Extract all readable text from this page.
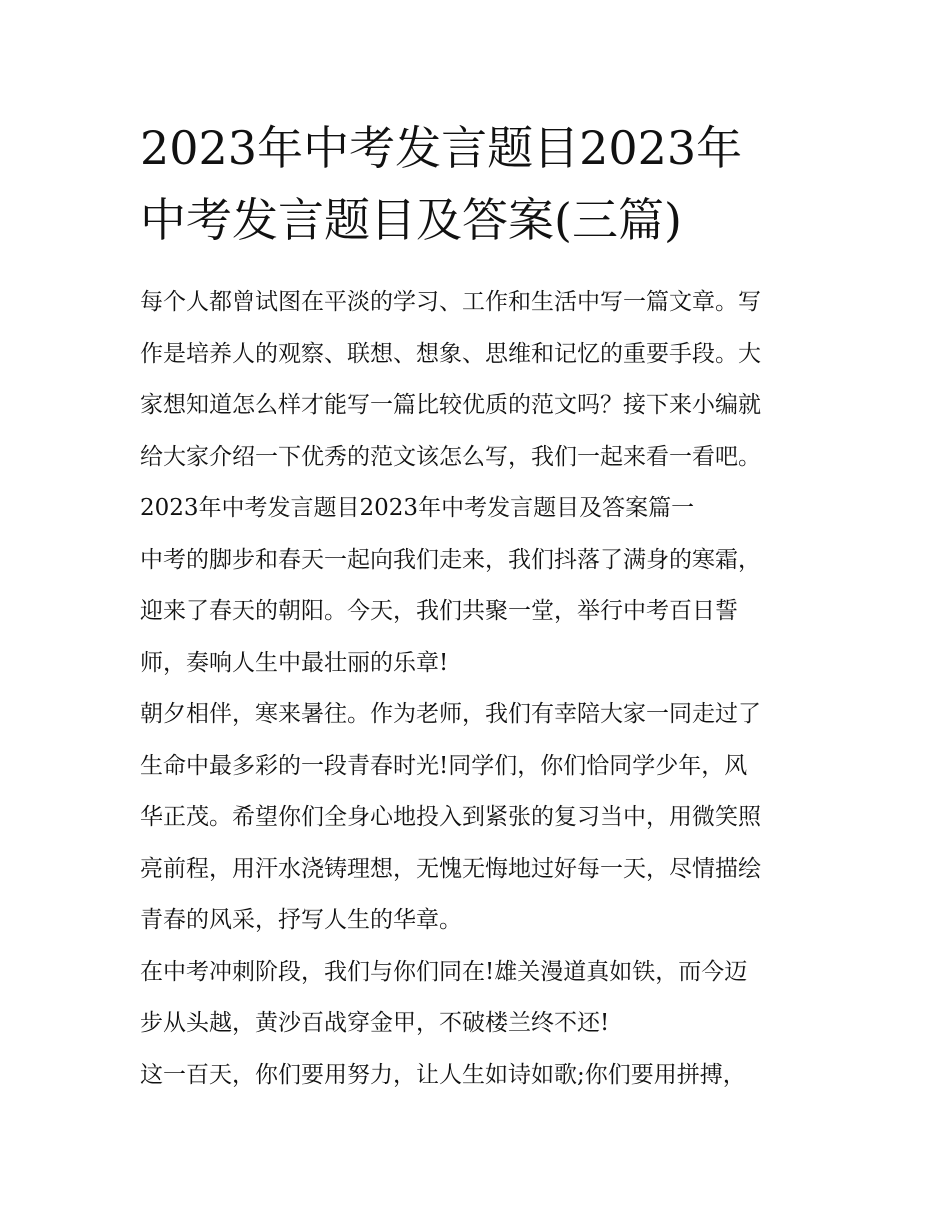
2023年中考发言题目2023年
中考发言题目及答案(三篇)

每个人都曾试图在平淡的学习、工作和生活中写一篇文章。写
作是培养人的观察、联想、想象、思维和记忆的重要手段。大
家想知道怎么样才能写一篇比较优质的范文吗？接下来小编就
给大家介绍一下优秀的范文该怎么写，我们一起来看一看吧。

2023年中考发言题目2023年中考发言题目及答案篇一

中考的脚步和春天一起向我们走来，我们抖落了满身的寒霜，
迎来了春天的朝阳。今天，我们共聚一堂，举行中考百日誓
师，奏响人生中最壮丽的乐章!

朝夕相伴，寒来暑往。作为老师，我们有幸陪大家一同走过了
生命中最多彩的一段青春时光!同学们，你们恰同学少年，风
华正茂。希望你们全身心地投入到紧张的复习当中，用微笑照
亮前程，用汗水浇铸理想，无愧无悔地过好每一天，尽情描绘
青春的风采，抒写人生的华章。

在中考冲刺阶段，我们与你们同在!雄关漫道真如铁，而今迈
步从头越，黄沙百战穿金甲，不破楼兰终不还!

这一百天，你们要用努力，让人生如诗如歌;你们要用拼搏，
